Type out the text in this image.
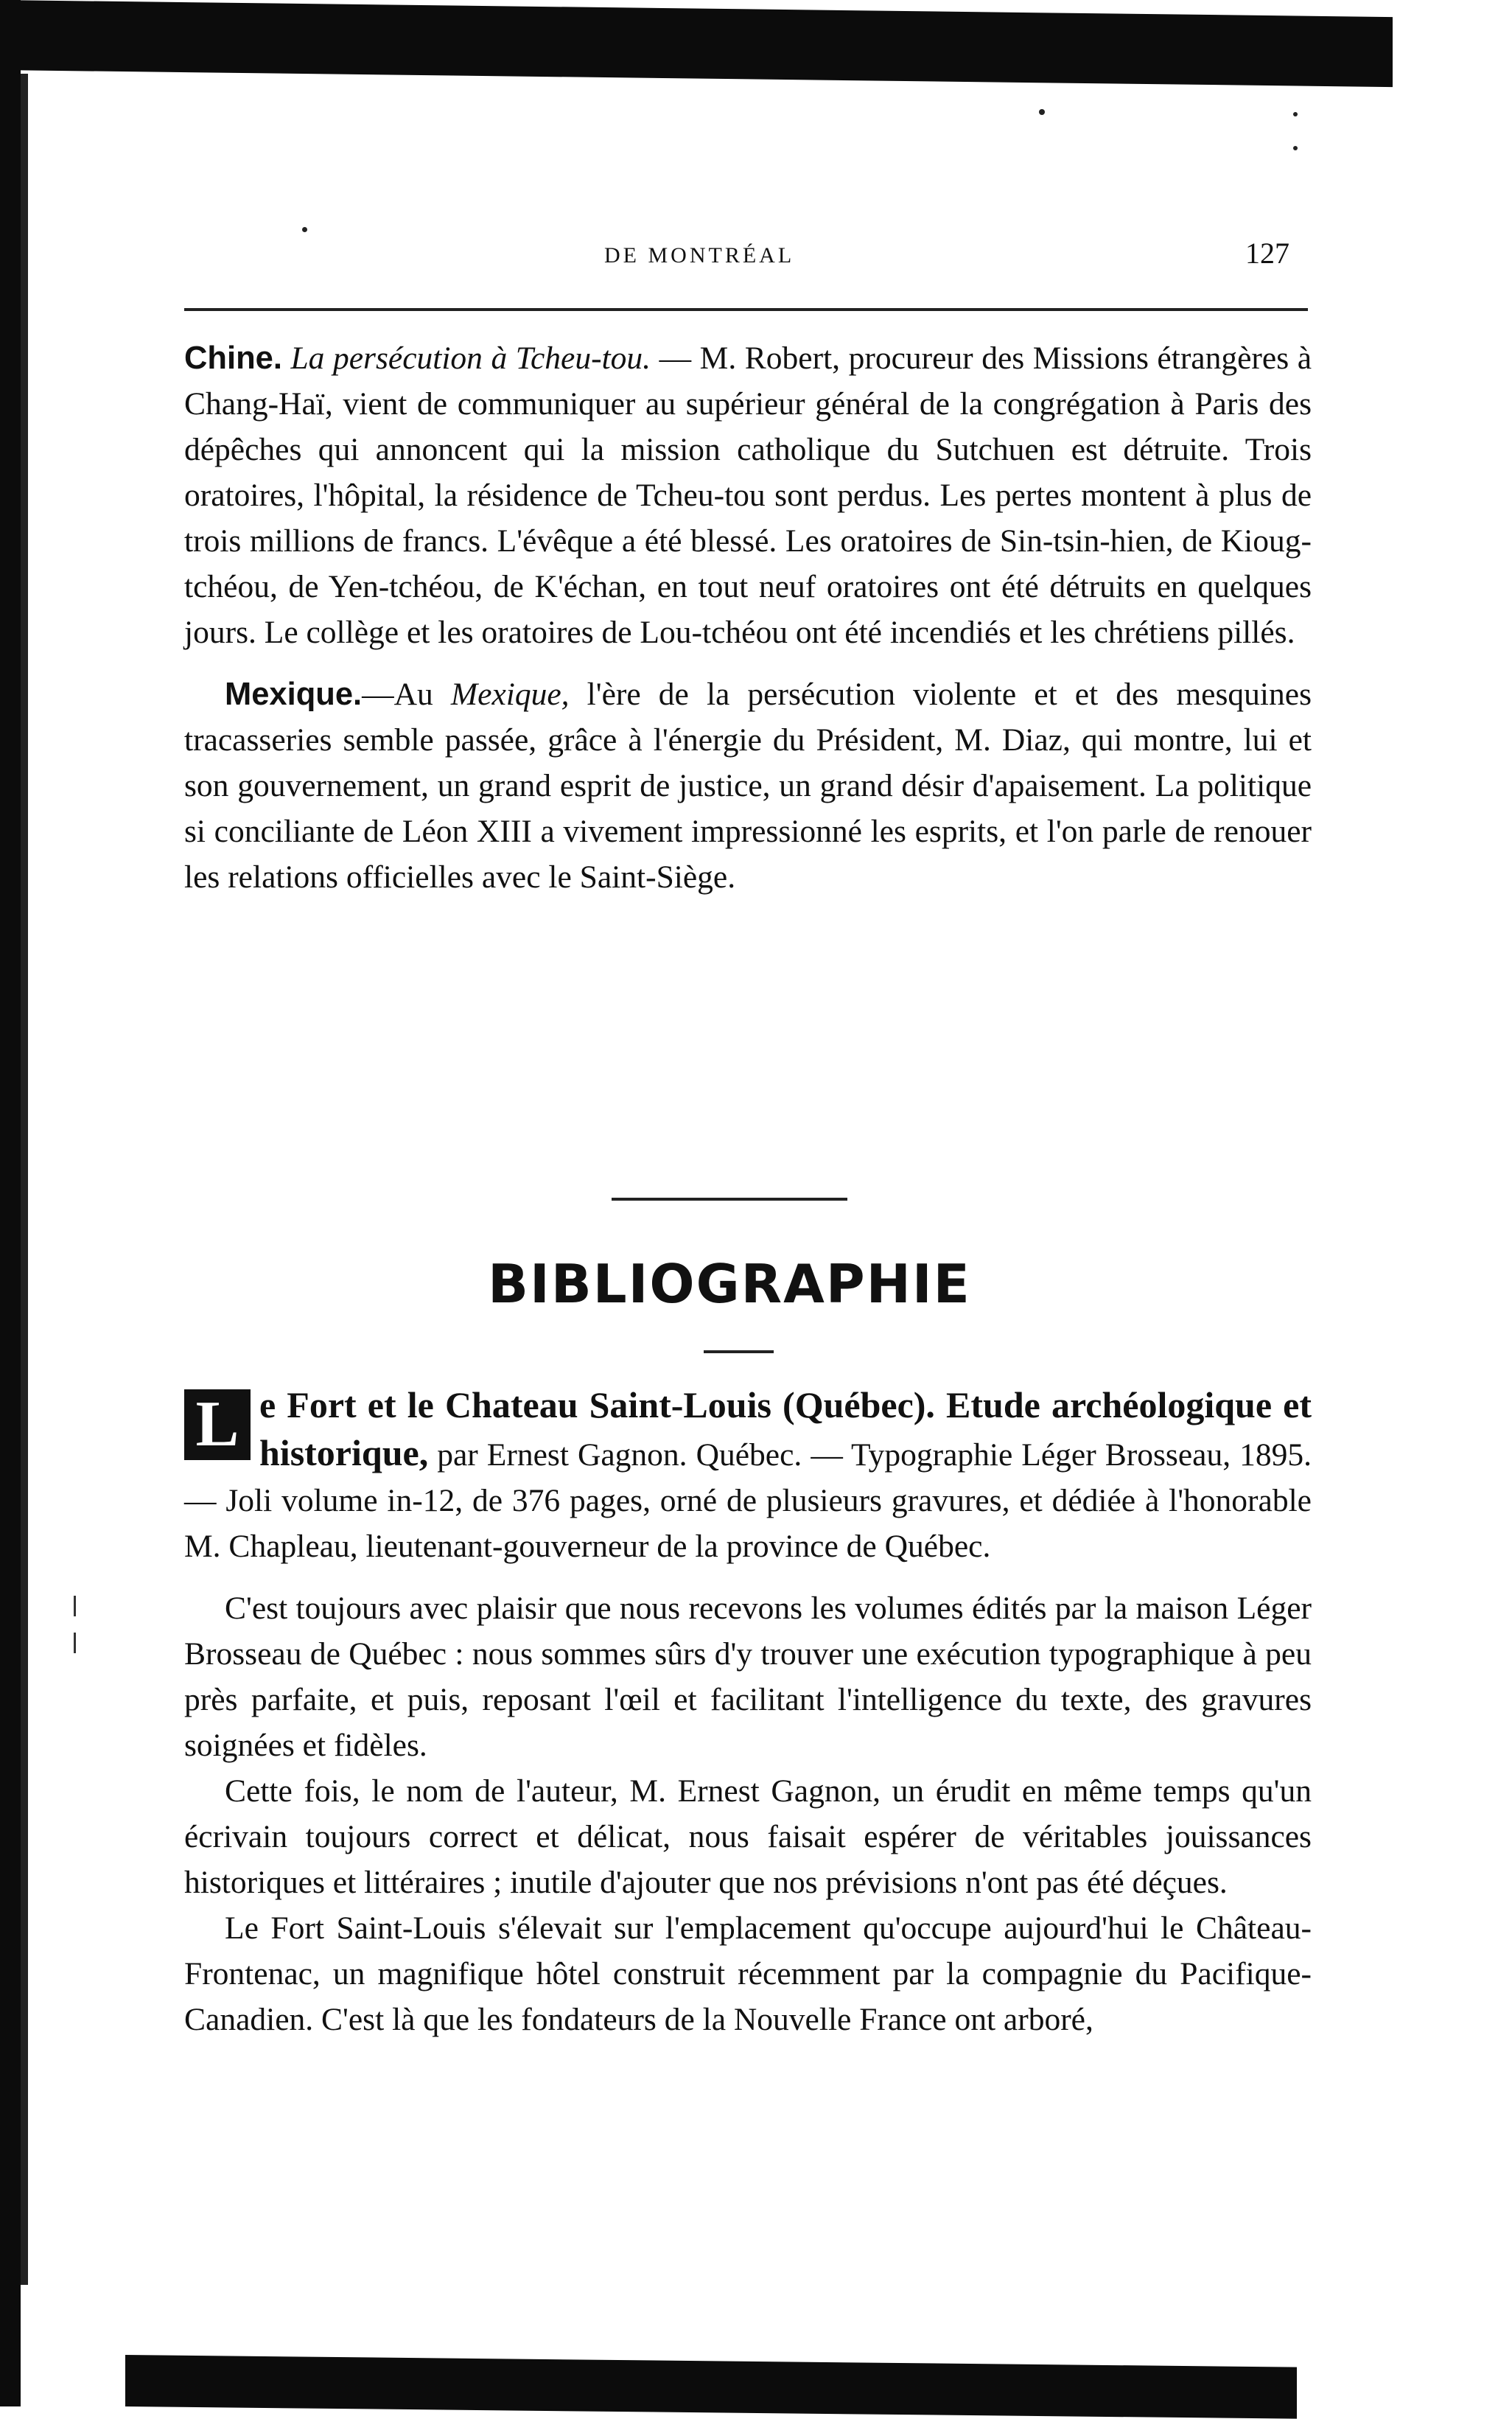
DE MONTRÉAL	127

Chine. La persécution à Tcheu-tou. — M. Robert, procureur des Missions étrangères à Chang-Haï, vient de communiquer au supérieur général de la congrégation à Paris des dépêches qui annoncent qui la mission catholique du Sutchuen est détruite. Trois oratoires, l'hôpital, la résidence de Tcheu-tou sont perdus. Les pertes montent à plus de trois millions de francs. L'évêque a été blessé. Les oratoires de Sin-tsin-hien, de Kioug-tchéou, de Yen-tchéou, de K'échan, en tout neuf oratoires ont été détruits en quelques jours. Le collège et les oratoires de Lou-tchéou ont été incendiés et les chrétiens pillés.

Mexique.—Au Mexique, l'ère de la persécution violente et et des mesquines tracasseries semble passée, grâce à l'énergie du Président, M. Diaz, qui montre, lui et son gouvernement, un grand esprit de justice, un grand désir d'apaisement. La politique si conciliante de Léon XIII a vivement impressionné les esprits, et l'on parle de renouer les relations officielles avec le Saint-Siège.

BIBLIOGRAPHIE

L e Fort et le Chateau Saint-Louis (Québec). Etude archéologique et historique, par Ernest Gagnon. Québec. — Typographie Léger Brosseau, 1895. — Joli volume in-12, de 376 pages, orné de plusieurs gravures, et dédiée à l'honorable M. Chapleau, lieutenant-gouverneur de la province de Québec.

C'est toujours avec plaisir que nous recevons les volumes édités par la maison Léger Brosseau de Québec : nous sommes sûrs d'y trouver une exécution typographique à peu près parfaite, et puis, reposant l'œil et facilitant l'intelligence du texte, des gravures soignées et fidèles.

Cette fois, le nom de l'auteur, M. Ernest Gagnon, un érudit en même temps qu'un écrivain toujours correct et délicat, nous faisait espérer de véritables jouissances historiques et littéraires ; inutile d'ajouter que nos prévisions n'ont pas été déçues.

Le Fort Saint-Louis s'élevait sur l'emplacement qu'occupe aujourd'hui le Château-Frontenac, un magnifique hôtel construit récemment par la compagnie du Pacifique-Canadien. C'est là que les fondateurs de la Nouvelle France ont arboré,
